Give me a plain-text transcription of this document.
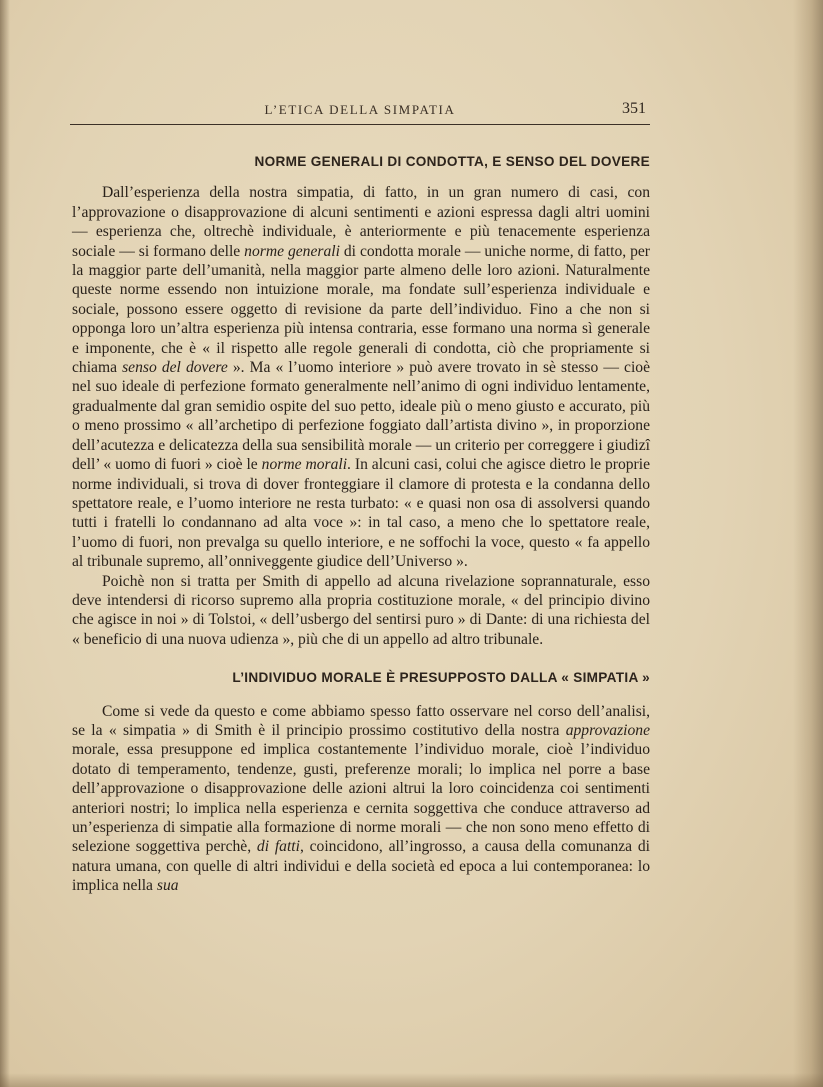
L’ETICA DELLA SIMPATIA	351
NORME GENERALI DI CONDOTTA, E SENSO DEL DOVERE

Dall’esperienza della nostra simpatia, di fatto, in un gran numero di casi, con l’approvazione o disapprovazione di alcuni sentimenti e azioni espressa dagli altri uomini — esperienza che, oltrechè individuale, è anteriormente e più tenacemente esperienza sociale — si formano delle norme generali di condotta morale — uniche norme, di fatto, per la maggior parte dell’umanità, nella maggior parte almeno delle loro azioni. Naturalmente queste norme essendo non intuizione morale, ma fondate sull’esperienza individuale e sociale, possono essere oggetto di revisione da parte dell’individuo. Fino a che non si opponga loro un’altra esperienza più intensa contraria, esse formano una norma sì generale e imponente, che è « il rispetto alle regole generali di condotta, ciò che propriamente si chiama senso del dovere ». Ma « l’uomo interiore » può avere trovato in sè stesso — cioè nel suo ideale di perfezione formato generalmente nell’animo di ogni individuo lentamente, gradualmente dal gran semidio ospite del suo petto, ideale più o meno giusto e accurato, più o meno prossimo « all’archetipo di perfezione foggiato dall’artista divino », in proporzione dell’acutezza e delicatezza della sua sensibilità morale — un criterio per correggere i giudizî dell’ « uomo di fuori » cioè le norme morali. In alcuni casi, colui che agisce dietro le proprie norme individuali, si trova di dover fronteggiare il clamore di protesta e la condanna dello spettatore reale, e l’uomo interiore ne resta turbato: « e quasi non osa di assolversi quando tutti i fratelli lo condannano ad alta voce »: in tal caso, a meno che lo spettatore reale, l’uomo di fuori, non prevalga su quello interiore, e ne soffochi la voce, questo « fa appello al tribunale supremo, all’onniveggente giudice dell’Universo ».

Poichè non si tratta per Smith di appello ad alcuna rivelazione soprannaturale, esso deve intendersi di ricorso supremo alla propria costituzione morale, « del principio divino che agisce in noi » di Tolstoi, « dell’usbergo del sentirsi puro » di Dante: di una richiesta del « beneficio di una nuova udienza », più che di un appello ad altro tribunale.

L’INDIVIDUO MORALE È PRESUPPOSTO DALLA « SIMPATIA »

Come si vede da questo e come abbiamo spesso fatto osservare nel corso dell’analisi, se la « simpatia » di Smith è il principio prossimo costitutivo della nostra approvazione morale, essa presuppone ed implica costantemente l’individuo morale, cioè l’individuo dotato di temperamento, tendenze, gusti, preferenze morali; lo implica nel porre a base dell’approvazione o disapprovazione delle azioni altrui la loro coincidenza coi sentimenti anteriori nostri; lo implica nella esperienza e cernita soggettiva che conduce attraverso ad un’esperienza di simpatie alla formazione di norme morali — che non sono meno effetto di selezione soggettiva perchè, di fatti, coincidono, all’ingrosso, a causa della comunanza di natura umana, con quelle di altri individui e della società ed epoca a lui contemporanea: lo implica nella sua
